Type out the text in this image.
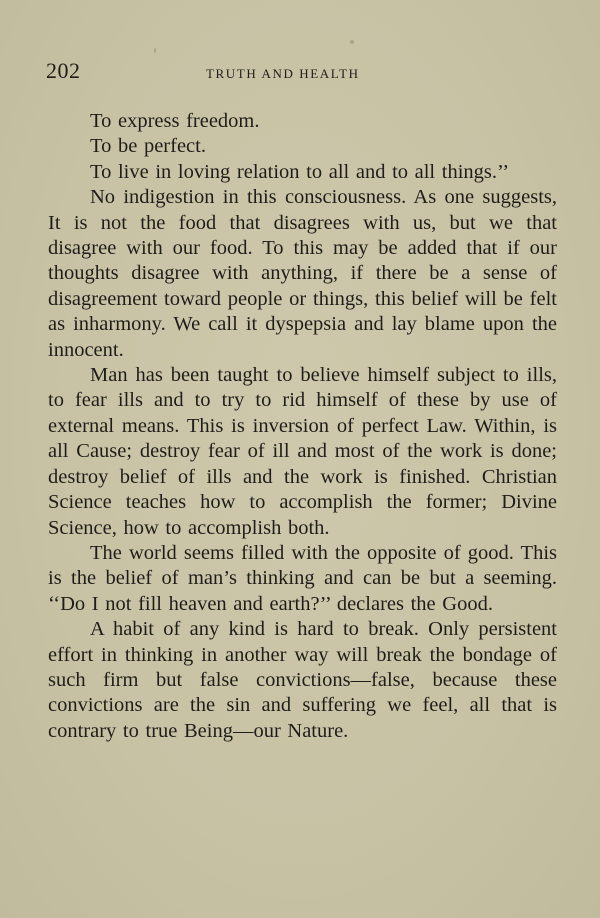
202	TRUTH AND HEALTH

To express freedom.

To be perfect.

To live in loving relation to all and to all things.’’

No indigestion in this consciousness. As one suggests, It is not the food that disagrees with us, but we that disagree with our food. To this may be added that if our thoughts disagree with anything, if there be a sense of disagreement toward people or things, this belief will be felt as inharmony. We call it dyspepsia and lay blame upon the innocent.

Man has been taught to believe himself subject to ills, to fear ills and to try to rid himself of these by use of external means. This is inversion of perfect Law. Within, is all Cause; destroy fear of ill and most of the work is done; destroy belief of ills and the work is finished. Christian Science teaches how to accomplish the former; Divine Science, how to accomplish both.

The world seems filled with the opposite of good. This is the belief of man’s thinking and can be but a seeming. ‘‘Do I not fill heaven and earth?’’ declares the Good.

A habit of any kind is hard to break. Only persistent effort in thinking in another way will break the bondage of such firm but false convictions—false, because these convictions are the sin and suffering we feel, all that is contrary to true Being—our Nature.
